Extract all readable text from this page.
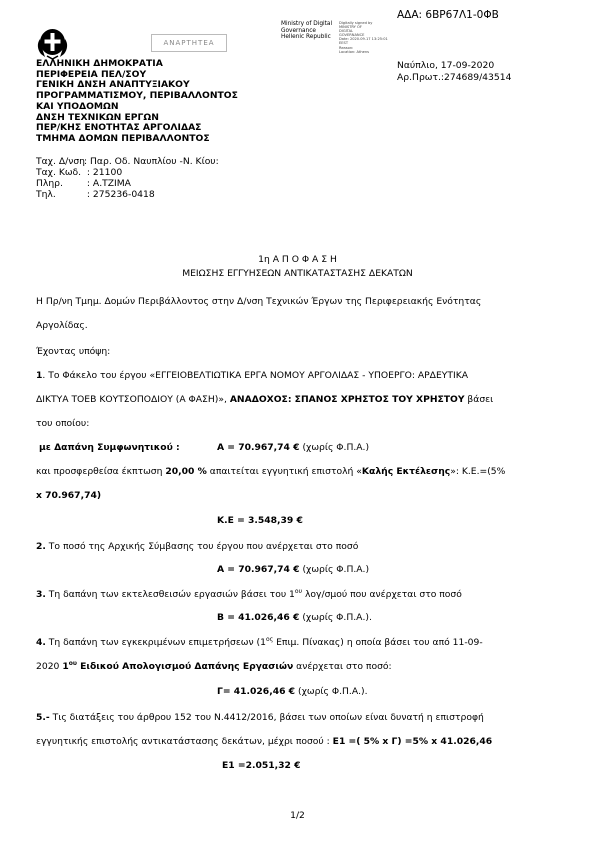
ΑΔΑ: 6ΒΡ67Λ1-0ΦΒ
ΑΝΑΡΤΗΤΕΑ
Ministry of Digital
Governance
Hellenic Republic
Digitally signed by
MINISTRY OF
DIGITAL
GOVERNANCE
Date: 2020.09.17 13:25:01
EEST
Reason:
Location: Athens
ΕΛΛΗΝΙΚΗ ΔΗΜΟΚΡΑΤΙΑ
ΠΕΡΙΦΕΡΕΙΑ ΠΕΛ/ΣΟΥ
ΓΕΝΙΚΗ ΔΝΣΗ ΑΝΑΠΤΥΞΙΑΚΟΥ
ΠΡΟΓΡΑΜΜΑΤΙΣΜΟΥ, ΠΕΡΙΒΑΛΛΟΝΤΟΣ
ΚΑΙ ΥΠΟΔΟΜΩΝ
ΔΝΣΗ ΤΕΧΝΙΚΩΝ ΕΡΓΩΝ
ΠΕΡ/ΚΗΣ ΕΝΟΤΗΤΑΣ ΑΡΓΟΛΙΔΑΣ
ΤΜΗΜΑ ΔΟΜΩΝ ΠΕΡΙΒΑΛΛΟΝΤΟΣ
Ναύπλιο, 17-09-2020
Αρ.Πρωτ.:274689/43514
Ταχ. Δ/νση: Παρ. Οδ. Ναυπλίου -Ν. Κίου:
Ταχ. Κωδ. : 21100
Πληρ. : Α.ΤΖΙΜΑ
Τηλ.	: 275236-0418
1η Α Π Ο Φ Α Σ Η
ΜΕΙΩΣΗΣ ΕΓΓΥΗΣΕΩΝ ΑΝΤΙΚΑΤΑΣΤΑΣΗΣ ΔΕΚΑΤΩΝ
Η Πρ/νη Τμημ. Δομών Περιβάλλοντος στην Δ/νση Τεχνικών Έργων της Περιφερειακής Ενότητας
Αργολίδας.
Έχοντας υπόψη:
1. Το Φάκελο του έργου «ΕΓΓΕΙΟΒΕΛΤΙΩΤΙΚΑ ΕΡΓΑ ΝΟΜΟΥ ΑΡΓΟΛΙΔΑΣ - ΥΠΟΕΡΓΟ: ΑΡΔΕΥΤΙΚΑ
ΔΙΚΤΥΑ ΤΟΕΒ ΚΟΥΤΣΟΠΟΔΙΟΥ (Α ΦΑΣΗ)», ΑΝΑΔΟΧΟΣ: ΣΠΑΝΟΣ ΧΡΗΣΤΟΣ ΤΟΥ ΧΡΗΣΤΟΥ βάσει
του οποίου:
με Δαπάνη Συμφωνητικού :	Α = 70.967,74 € (χωρίς Φ.Π.Α.)
και προσφερθείσα έκπτωση 20,00 % απαιτείται εγγυητική επιστολή «Καλής Εκτέλεσης»: Κ.Ε.=(5%
x 70.967,74)
Κ.Ε = 3.548,39 €
2. Το ποσό της Αρχικής Σύμβασης του έργου που ανέρχεται στο ποσό
Α = 70.967,74 € (χωρίς Φ.Π.Α.)
3. Τη δαπάνη των εκτελεσθεισών εργασιών βάσει του $1^{o\upsilon}$ λογ/σμού που ανέρχεται στο ποσό
Β = 41.026,46 € (χωρίς Φ.Π.Α.).
4. Τη δαπάνη των εγκεκριμένων επιμετρήσεων ($1^{o\varsigma}$ Επιμ. Πίνακας) η οποία βάσει του από 11-09-
2020 $1^{o\upsilon}$ Ειδικού Απολογισμού Δαπάνης Εργασιών ανέρχεται στο ποσό:
Γ= 41.026,46 € (χωρίς Φ.Π.Α.).
5.- Τις διατάξεις του άρθρου 152 του Ν.4412/2016, βάσει των οποίων είναι δυνατή η επιστροφή
εγγυητικής επιστολής αντικατάστασης δεκάτων, μέχρι ποσού : Ε1 =( 5% x Γ) =5% x 41.026,46
Ε1 =2.051,32 €
1/2
